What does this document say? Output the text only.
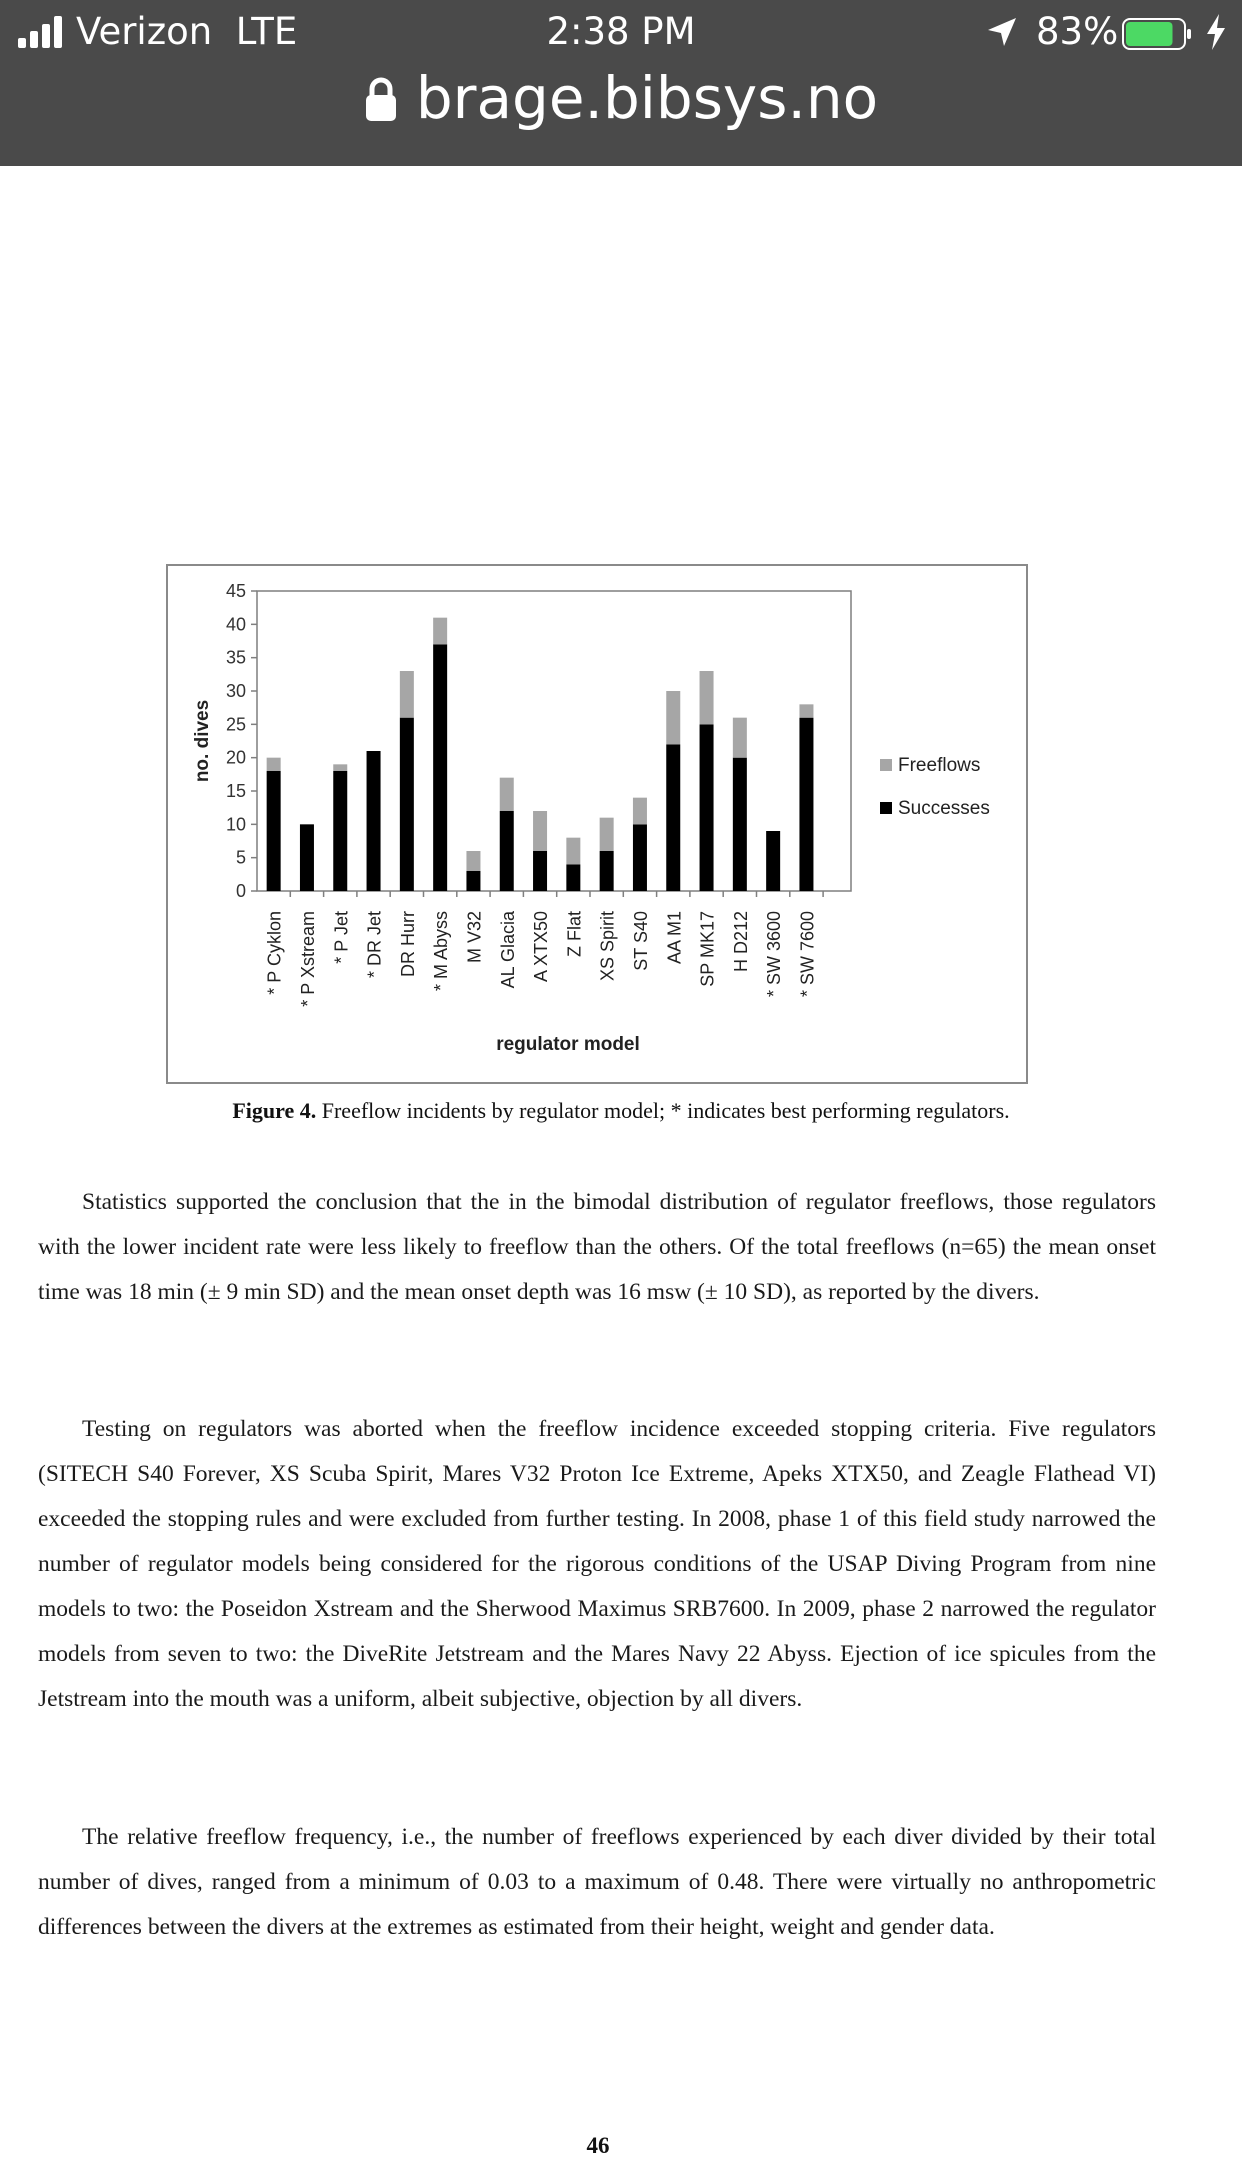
Verizon LTE	2:38 PM	83%
brage.bibsys.no
0
5
10
15
20
25
30
35
40
45
no. dives
* P Cyklon * P Xstream * P Jet * DR Jet DR Hurr * M Abyss M V32 AL Glacia A XTX50 Z Flat XS Spirit ST S40 AA M1 SP MK17 H D212 * SW 3600 * SW 7600
regulator model
Freeflows
Successes
Figure 4. Freeflow incidents by regulator model; * indicates best performing regulators.

Statistics supported the conclusion that the in the bimodal distribution of regulator freeflows, those regulators with the lower incident rate were less likely to freeflow than the others. Of the total freeflows (n=65) the mean onset time was 18 min (± 9 min SD) and the mean onset depth was 16 msw (± 10 SD), as reported by the divers.

Testing on regulators was aborted when the freeflow incidence exceeded stopping criteria. Five regulators (SITECH S40 Forever, XS Scuba Spirit, Mares V32 Proton Ice Extreme, Apeks XTX50, and Zeagle Flathead VI) exceeded the stopping rules and were excluded from further testing. In 2008, phase 1 of this field study narrowed the number of regulator models being considered for the rigorous conditions of the USAP Diving Program from nine models to two: the Poseidon Xstream and the Sherwood Maximus SRB7600. In 2009, phase 2 narrowed the regulator models from seven to two: the DiveRite Jetstream and the Mares Navy 22 Abyss. Ejection of ice spicules from the Jetstream into the mouth was a uniform, albeit subjective, objection by all divers.

The relative freeflow frequency, i.e., the number of freeflows experienced by each diver divided by their total number of dives, ranged from a minimum of 0.03 to a maximum of 0.48. There were virtually no anthropometric differences between the divers at the extremes as estimated from their height, weight and gender data.

46
